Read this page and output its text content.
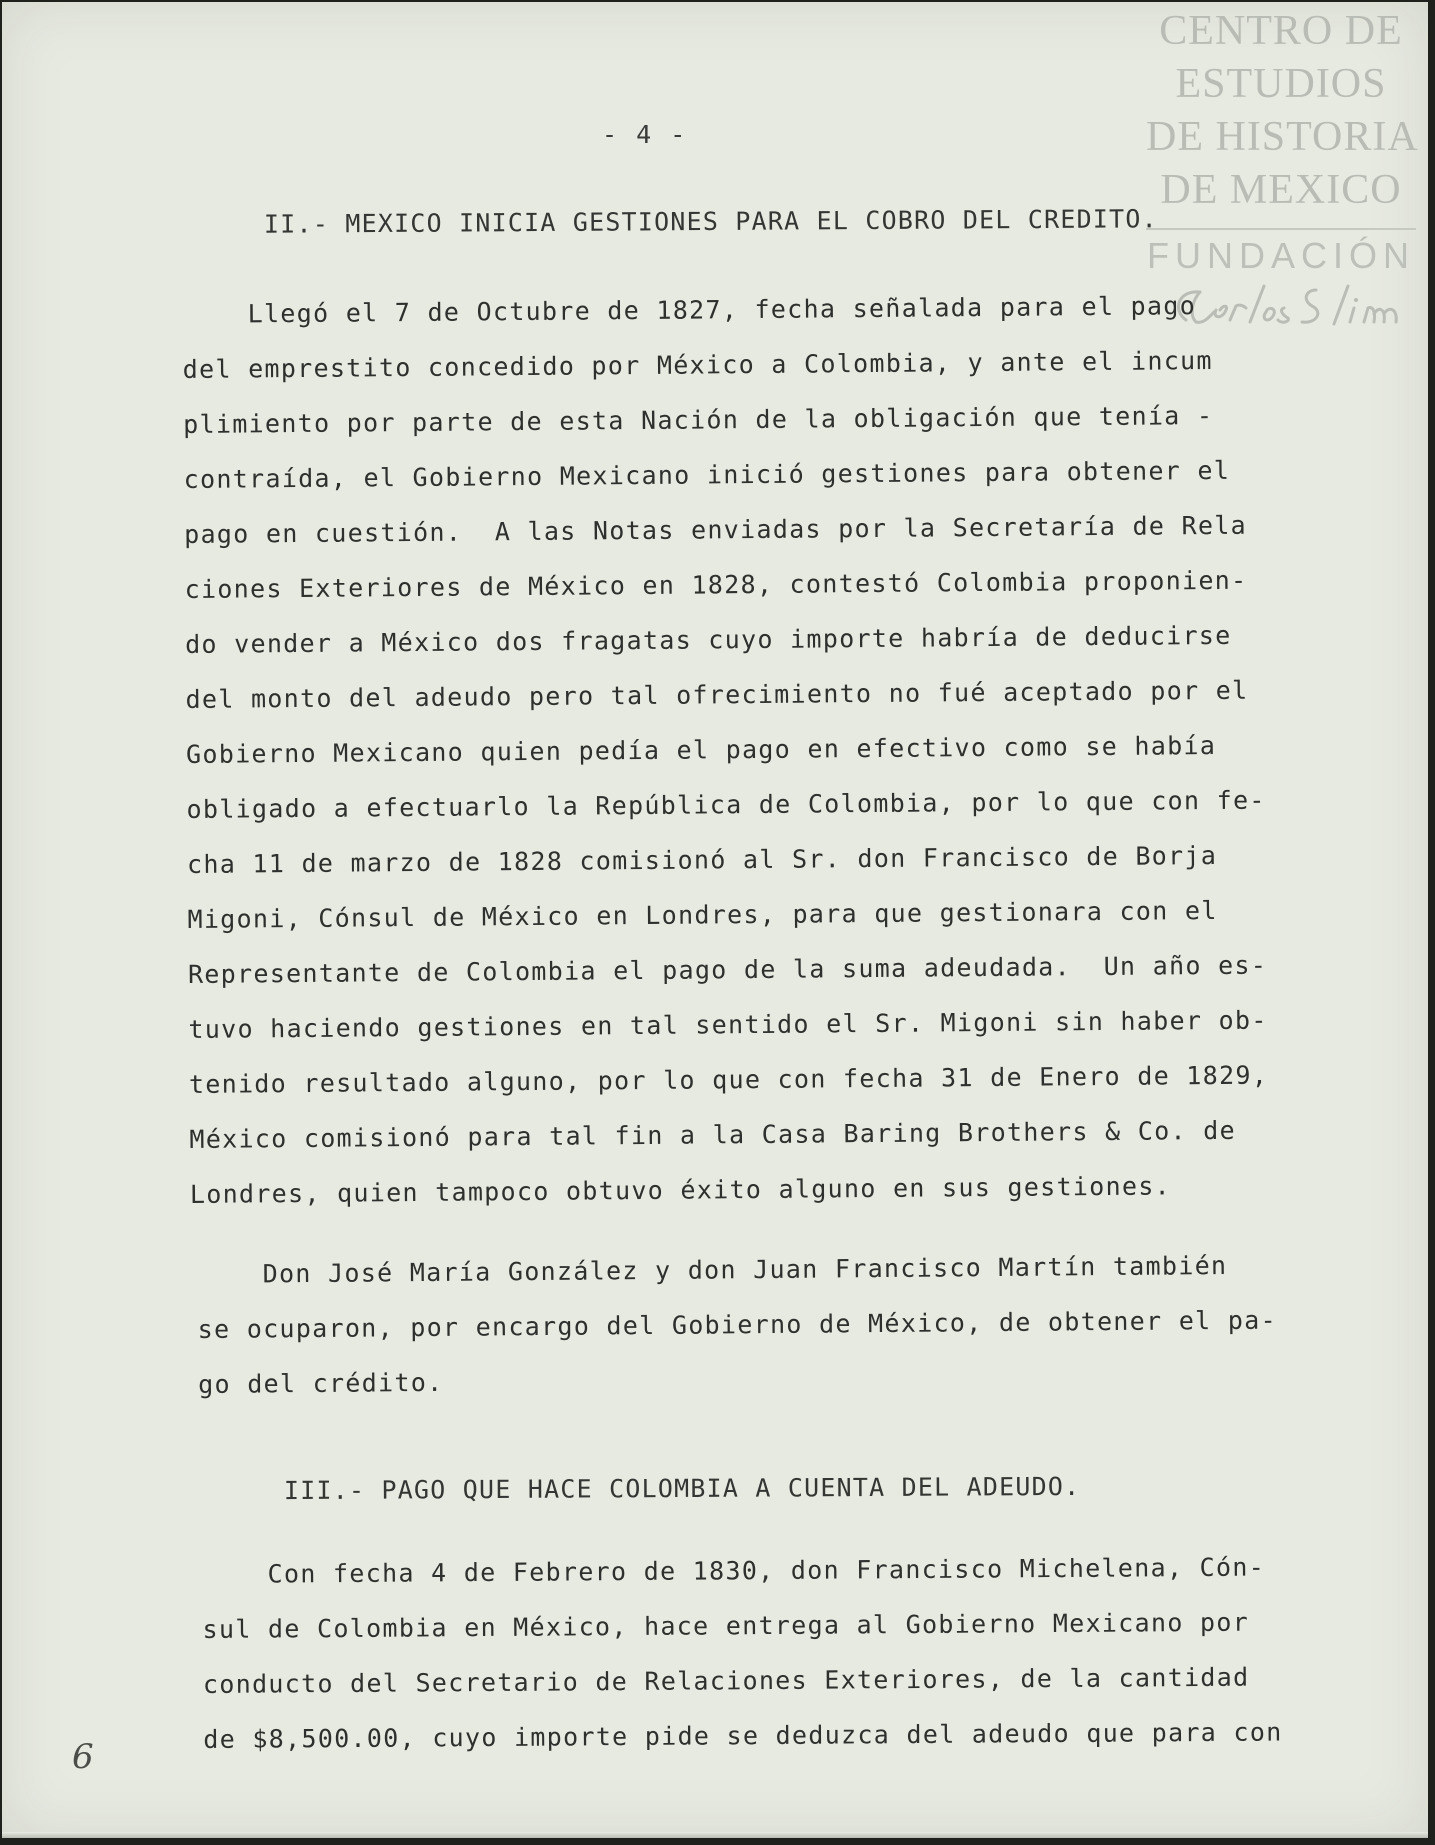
CENTRO DE
ESTUDIOS
DE HISTORIA
DE MEXICO
FUNDACIÓN
- 4 -
II.- MEXICO INICIA GESTIONES PARA EL COBRO DEL CREDITO.
Llegó el 7 de Octubre de 1827, fecha señalada para el pago
del emprestito concedido por México a Colombia, y ante el incum
plimiento por parte de esta Nación de la obligación que tenía -
contraída, el Gobierno Mexicano inició gestiones para obtener el
pago en cuestión.  A las Notas enviadas por la Secretaría de Rela
ciones Exteriores de México en 1828, contestó Colombia proponien-
do vender a México dos fragatas cuyo importe habría de deducirse
del monto del adeudo pero tal ofrecimiento no fué aceptado por el
Gobierno Mexicano quien pedía el pago en efectivo como se había
obligado a efectuarlo la República de Colombia, por lo que con fe-
cha 11 de marzo de 1828 comisionó al Sr. don Francisco de Borja
Migoni, Cónsul de México en Londres, para que gestionara con el
Representante de Colombia el pago de la suma adeudada.  Un año es-
tuvo haciendo gestiones en tal sentido el Sr. Migoni sin haber ob-
tenido resultado alguno, por lo que con fecha 31 de Enero de 1829,
México comisionó para tal fin a la Casa Baring Brothers & Co. de
Londres, quien tampoco obtuvo éxito alguno en sus gestiones.
Don José María González y don Juan Francisco Martín también
se ocuparon, por encargo del Gobierno de México, de obtener el pa-
go del crédito.
III.- PAGO QUE HACE COLOMBIA A CUENTA DEL ADEUDO.
Con fecha 4 de Febrero de 1830, don Francisco Michelena, Cón-
sul de Colombia en México, hace entrega al Gobierno Mexicano por
conducto del Secretario de Relaciones Exteriores, de la cantidad
de $8,500.00, cuyo importe pide se deduzca del adeudo que para con
6
